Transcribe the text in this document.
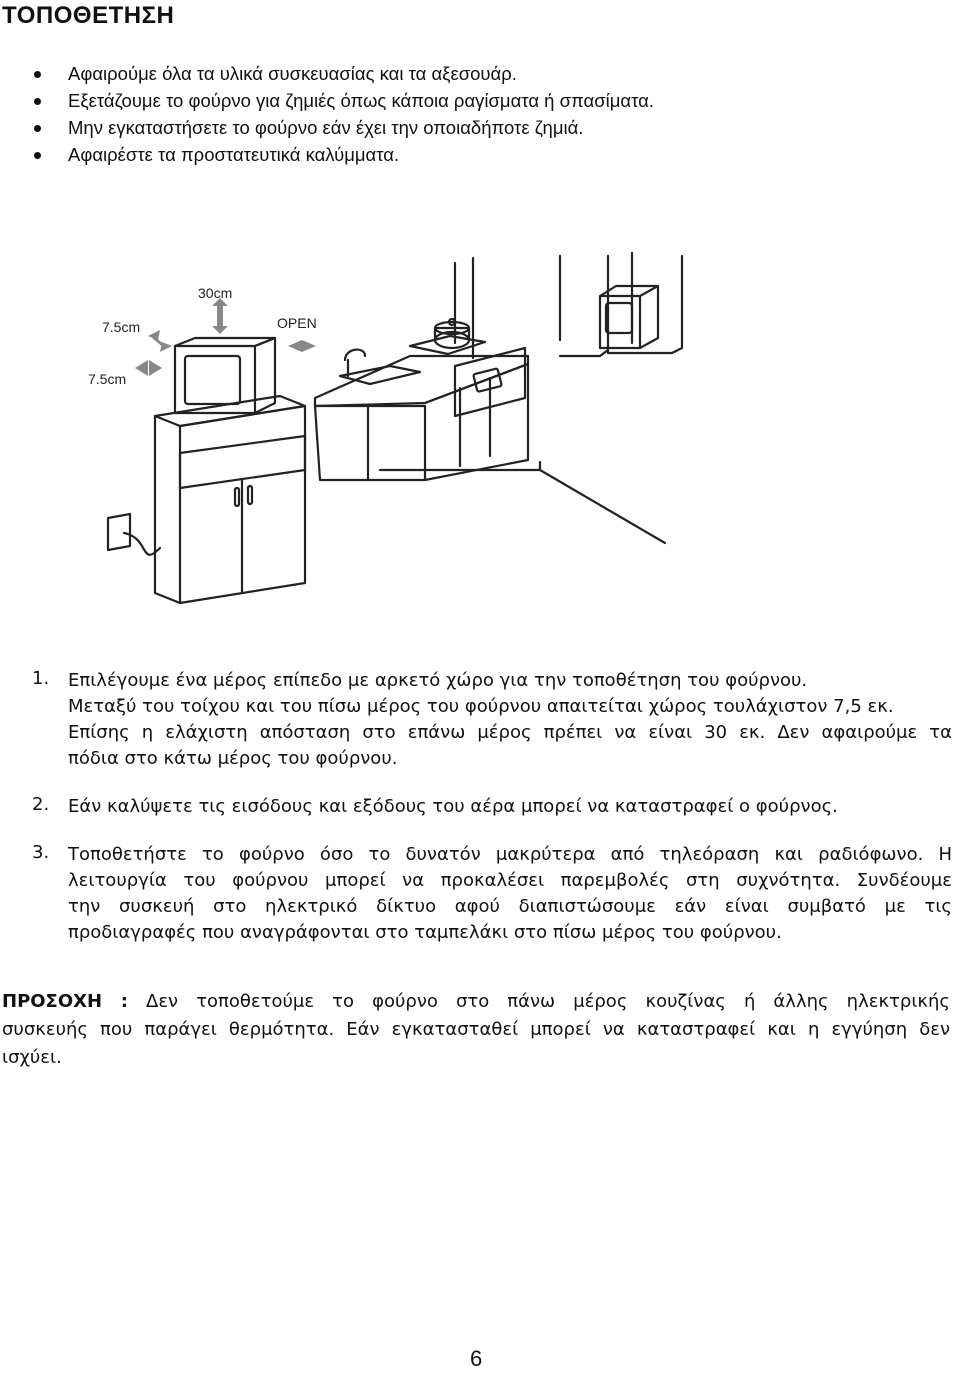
ΤΟΠΟΘΕΤΗΣΗ
Αφαιρούμε όλα τα υλικά συσκευασίας και τα αξεσουάρ.
Εξετάζουμε το φούρνο για ζημιές όπως κάποια ραγίσματα ή σπασίματα.
Μην εγκαταστήσετε το φούρνο εάν έχει την οποιαδήποτε ζημιά.
Αφαιρέστε τα προστατευτικά καλύμματα.
30cm
7.5cm
7.5cm
OPEN
1.	Επιλέγουμε ένα μέρος επίπεδο με αρκετό χώρο για την τοποθέτηση του φούρνου.
Μεταξύ του τοίχου και του πίσω μέρος του φούρνου απαιτείται χώρος τουλάχιστον 7,5 εκ.
Επίσης η ελάχιστη απόσταση στο επάνω μέρος πρέπει να είναι 30 εκ. Δεν αφαιρούμε τα
πόδια στο κάτω μέρος του φούρνου.
2.	Εάν καλύψετε τις εισόδους και εξόδους του αέρα μπορεί να καταστραφεί ο φούρνος.
3.	Τοποθετήστε το φούρνο όσο το δυνατόν μακρύτερα από τηλεόραση και ραδιόφωνο. Η
λειτουργία του φούρνου μπορεί να προκαλέσει παρεμβολές στη συχνότητα. Συνδέουμε
την συσκευή στο ηλεκτρικό δίκτυο αφού διαπιστώσουμε εάν είναι συμβατό με τις
προδιαγραφές που αναγράφονται στο ταμπελάκι στο πίσω μέρος του φούρνου.
ΠΡΟΣΟΧΗ : Δεν τοποθετούμε το φούρνο στο πάνω μέρος κουζίνας ή άλλης ηλεκτρικής
συσκευής που παράγει θερμότητα. Εάν εγκατασταθεί μπορεί να καταστραφεί και η εγγύηση δεν
ισχύει.
6
